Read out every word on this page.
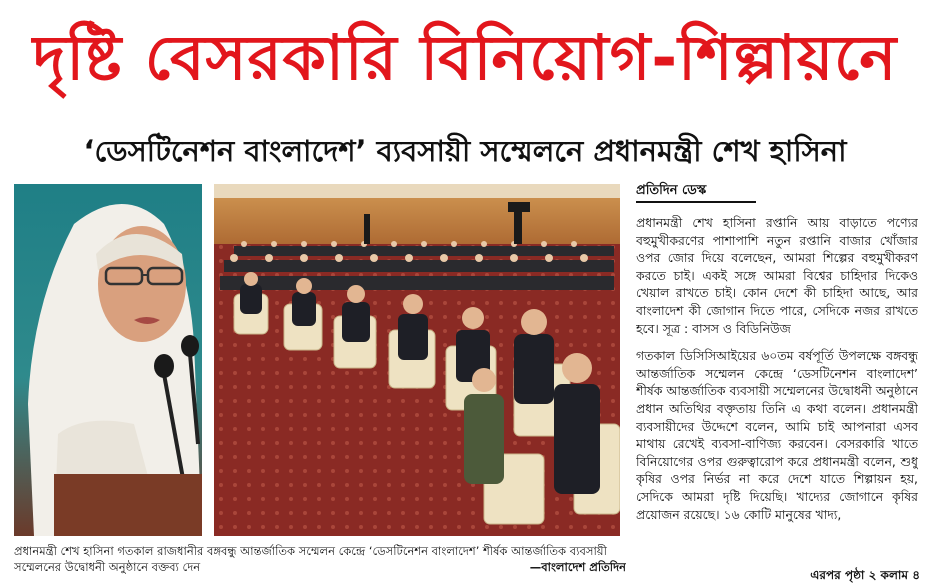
দৃষ্টি বেসরকারি বিনিয়োগ-শিল্পায়নে
‘ডেসটিনেশন বাংলাদেশ’ ব্যবসায়ী সম্মেলনে প্রধানমন্ত্রী শেখ হাসিনা
প্রধানমন্ত্রী শেখ হাসিনা গতকাল রাজধানীর বঙ্গবন্ধু আন্তর্জাতিক সম্মেলন কেন্দ্রে ‘ডেসটিনেশন বাংলাদেশ’ শীর্ষক আন্তর্জাতিক ব্যবসায়ী সম্মেলনের উদ্বোধনী অনুষ্ঠানে বক্তব্য দেন	—বাংলাদেশ প্রতিদিন
প্রতিদিন ডেস্ক

প্রধানমন্ত্রী শেখ হাসিনা রপ্তানি আয় বাড়াতে পণ্যের বহুমুখীকরণের পাশাপাশি নতুন রপ্তানি বাজার খোঁজার ওপর জোর দিয়ে বলেছেন, আমরা শিল্পের বহুমুখীকরণ করতে চাই। একই সঙ্গে আমরা বিশ্বের চাহিদার দিকেও খেয়াল রাখতে চাই। কোন দেশে কী চাহিদা আছে, আর বাংলাদেশ কী জোগান দিতে পারে, সেদিকে নজর রাখতে হবে। সূত্র : বাসস ও বিডিনিউজ

গতকাল ডিসিসিআইয়ের ৬০তম বর্ষপূর্তি উপলক্ষে বঙ্গবন্ধু আন্তর্জাতিক সম্মেলন কেন্দ্রে ‘ডেসটিনেশন বাংলাদেশ’ শীর্ষক আন্তর্জাতিক ব্যবসায়ী সম্মেলনের উদ্বোধনী অনুষ্ঠানে প্রধান অতিথির বক্তৃতায় তিনি এ কথা বলেন। প্রধানমন্ত্রী ব্যবসায়ীদের উদ্দেশে বলেন, আমি চাই আপনারা এসব মাথায় রেখেই ব্যবসা-বাণিজ্য করবেন। বেসরকারি খাতে বিনিয়োগের ওপর গুরুত্বারোপ করে প্রধানমন্ত্রী বলেন, শুধু কৃষির ওপর নির্ভর না করে দেশে যাতে শিল্পায়ন হয়, সেদিকে আমরা দৃষ্টি দিয়েছি। খাদ্যের জোগানে কৃষির প্রয়োজন রয়েছে। ১৬ কোটি মানুষের খাদ্য,

এরপর পৃষ্ঠা ২ কলাম ৪
